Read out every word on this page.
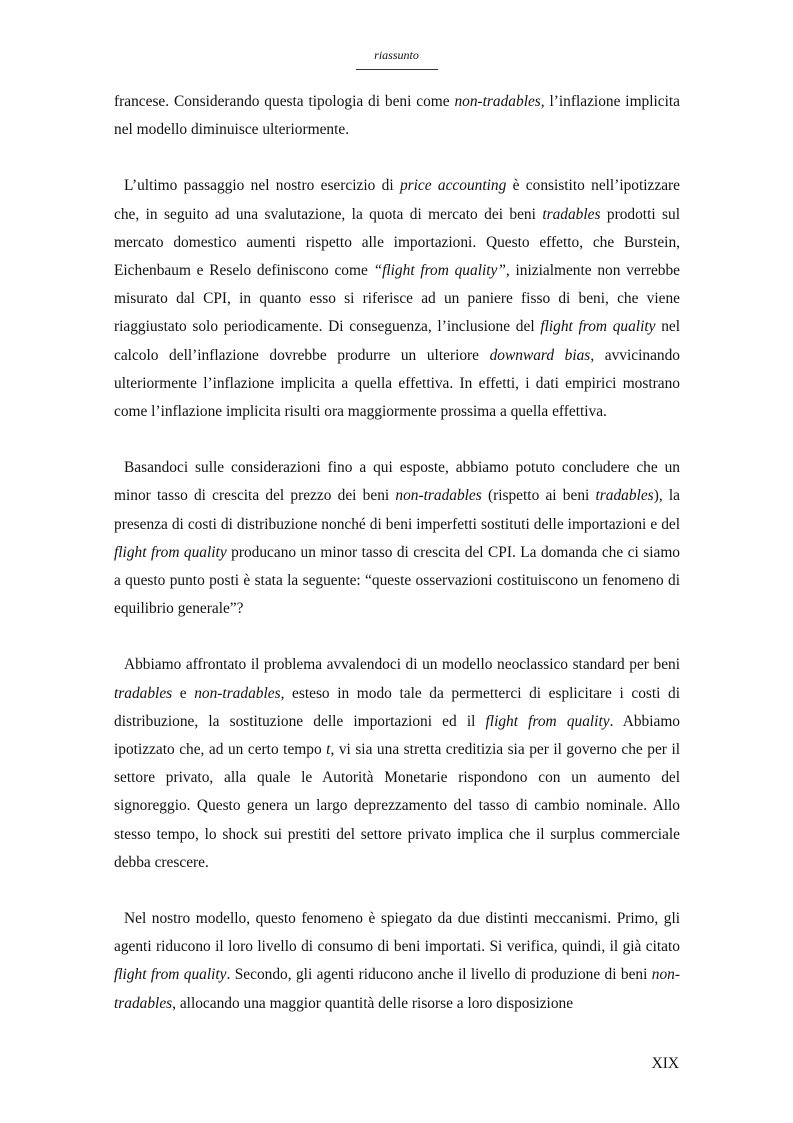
riassunto

francese. Considerando questa tipologia di beni come non-tradables, l’inflazione implicita nel modello diminuisce ulteriormente.

L’ultimo passaggio nel nostro esercizio di price accounting è consistito nell’ipotizzare che, in seguito ad una svalutazione, la quota di mercato dei beni tradables prodotti sul mercato domestico aumenti rispetto alle importazioni. Questo effetto, che Burstein, Eichenbaum e Reselo definiscono come “flight from quality”, inizialmente non verrebbe misurato dal CPI, in quanto esso si riferisce ad un paniere fisso di beni, che viene riaggiustato solo periodicamente. Di conseguenza, l’inclusione del flight from quality nel calcolo dell’inflazione dovrebbe produrre un ulteriore downward bias, avvicinando ulteriormente l’inflazione implicita a quella effettiva. In effetti, i dati empirici mostrano come l’inflazione implicita risulti ora maggiormente prossima a quella effettiva.

Basandoci sulle considerazioni fino a qui esposte, abbiamo potuto concludere che un minor tasso di crescita del prezzo dei beni non-tradables (rispetto ai beni tradables), la presenza di costi di distribuzione nonché di beni imperfetti sostituti delle importazioni e del flight from quality producano un minor tasso di crescita del CPI. La domanda che ci siamo a questo punto posti è stata la seguente: “queste osservazioni costituiscono un fenomeno di equilibrio generale”?

Abbiamo affrontato il problema avvalendoci di un modello neoclassico standard per beni tradables e non-tradables, esteso in modo tale da permetterci di esplicitare i costi di distribuzione, la sostituzione delle importazioni ed il flight from quality. Abbiamo ipotizzato che, ad un certo tempo t, vi sia una stretta creditizia sia per il governo che per il settore privato, alla quale le Autorità Monetarie rispondono con un aumento del signoreggio. Questo genera un largo deprezzamento del tasso di cambio nominale. Allo stesso tempo, lo shock sui prestiti del settore privato implica che il surplus commerciale debba crescere.

Nel nostro modello, questo fenomeno è spiegato da due distinti meccanismi. Primo, gli agenti riducono il loro livello di consumo di beni importati. Si verifica, quindi, il già citato flight from quality. Secondo, gli agenti riducono anche il livello di produzione di beni non-tradables, allocando una maggior quantità delle risorse a loro disposizione

XIX
